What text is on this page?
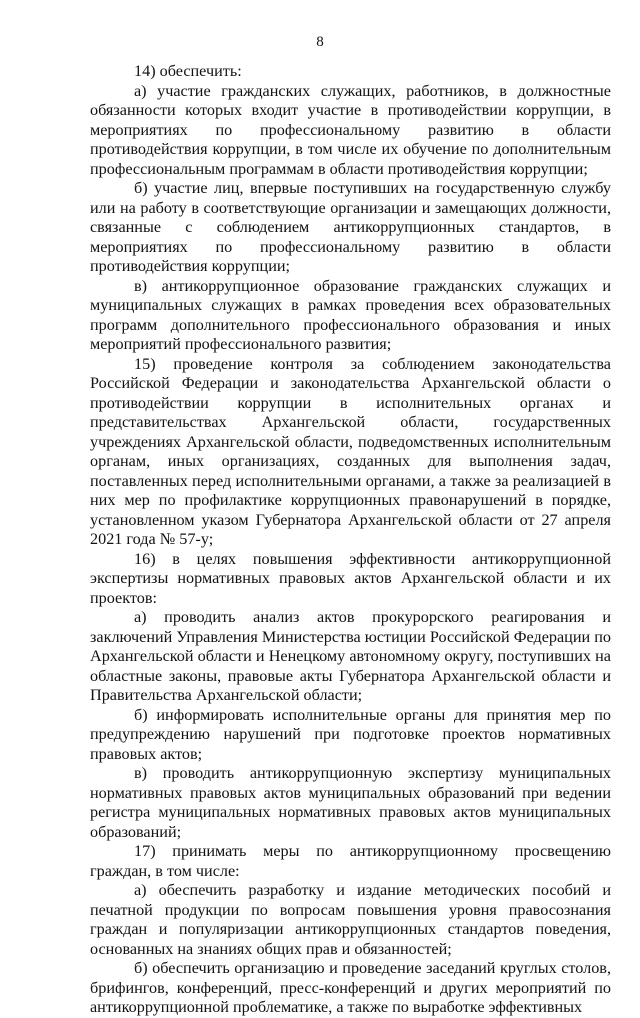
8

14) обеспечить:

а) участие гражданских служащих, работников, в должностные обязанности которых входит участие в противодействии коррупции, в мероприятиях по профессиональному развитию в области противодействия коррупции, в том числе их обучение по дополнительным профессиональным программам в области противодействия коррупции;

б) участие лиц, впервые поступивших на государственную службу или на работу в соответствующие организации и замещающих должности, связанные с соблюдением антикоррупционных стандартов, в мероприятиях по профессиональному развитию в области противодействия коррупции;

в) антикоррупционное образование гражданских служащих и муниципальных служащих в рамках проведения всех образовательных программ дополнительного профессионального образования и иных мероприятий профессионального развития;

15) проведение контроля за соблюдением законодательства Российской Федерации и законодательства Архангельской области о противодействии коррупции в исполнительных органах и представительствах Архангельской области, государственных учреждениях Архангельской области, подведомственных исполнительным органам, иных организациях, созданных для выполнения задач, поставленных перед исполнительными органами, а также за реализацией в них мер по профилактике коррупционных правонарушений в порядке, установленном указом Губернатора Архангельской области от 27 апреля 2021 года № 57-у;

16) в целях повышения эффективности антикоррупционной экспертизы нормативных правовых актов Архангельской области и их проектов:

а) проводить анализ актов прокурорского реагирования и заключений Управления Министерства юстиции Российской Федерации по Архангельской области и Ненецкому автономному округу, поступивших на областные законы, правовые акты Губернатора Архангельской области и Правительства Архангельской области;

б) информировать исполнительные органы для принятия мер по предупреждению нарушений при подготовке проектов нормативных правовых актов;

в) проводить антикоррупционную экспертизу муниципальных нормативных правовых актов муниципальных образований при ведении регистра муниципальных нормативных правовых актов муниципальных образований;

17) принимать меры по антикоррупционному просвещению граждан, в том числе:

а) обеспечить разработку и издание методических пособий и печатной продукции по вопросам повышения уровня правосознания граждан и популяризации антикоррупционных стандартов поведения, основанных на знаниях общих прав и обязанностей;

б) обеспечить организацию и проведение заседаний круглых столов, брифингов, конференций, пресс-конференций и других мероприятий по антикоррупционной проблематике, а также по выработке эффективных
